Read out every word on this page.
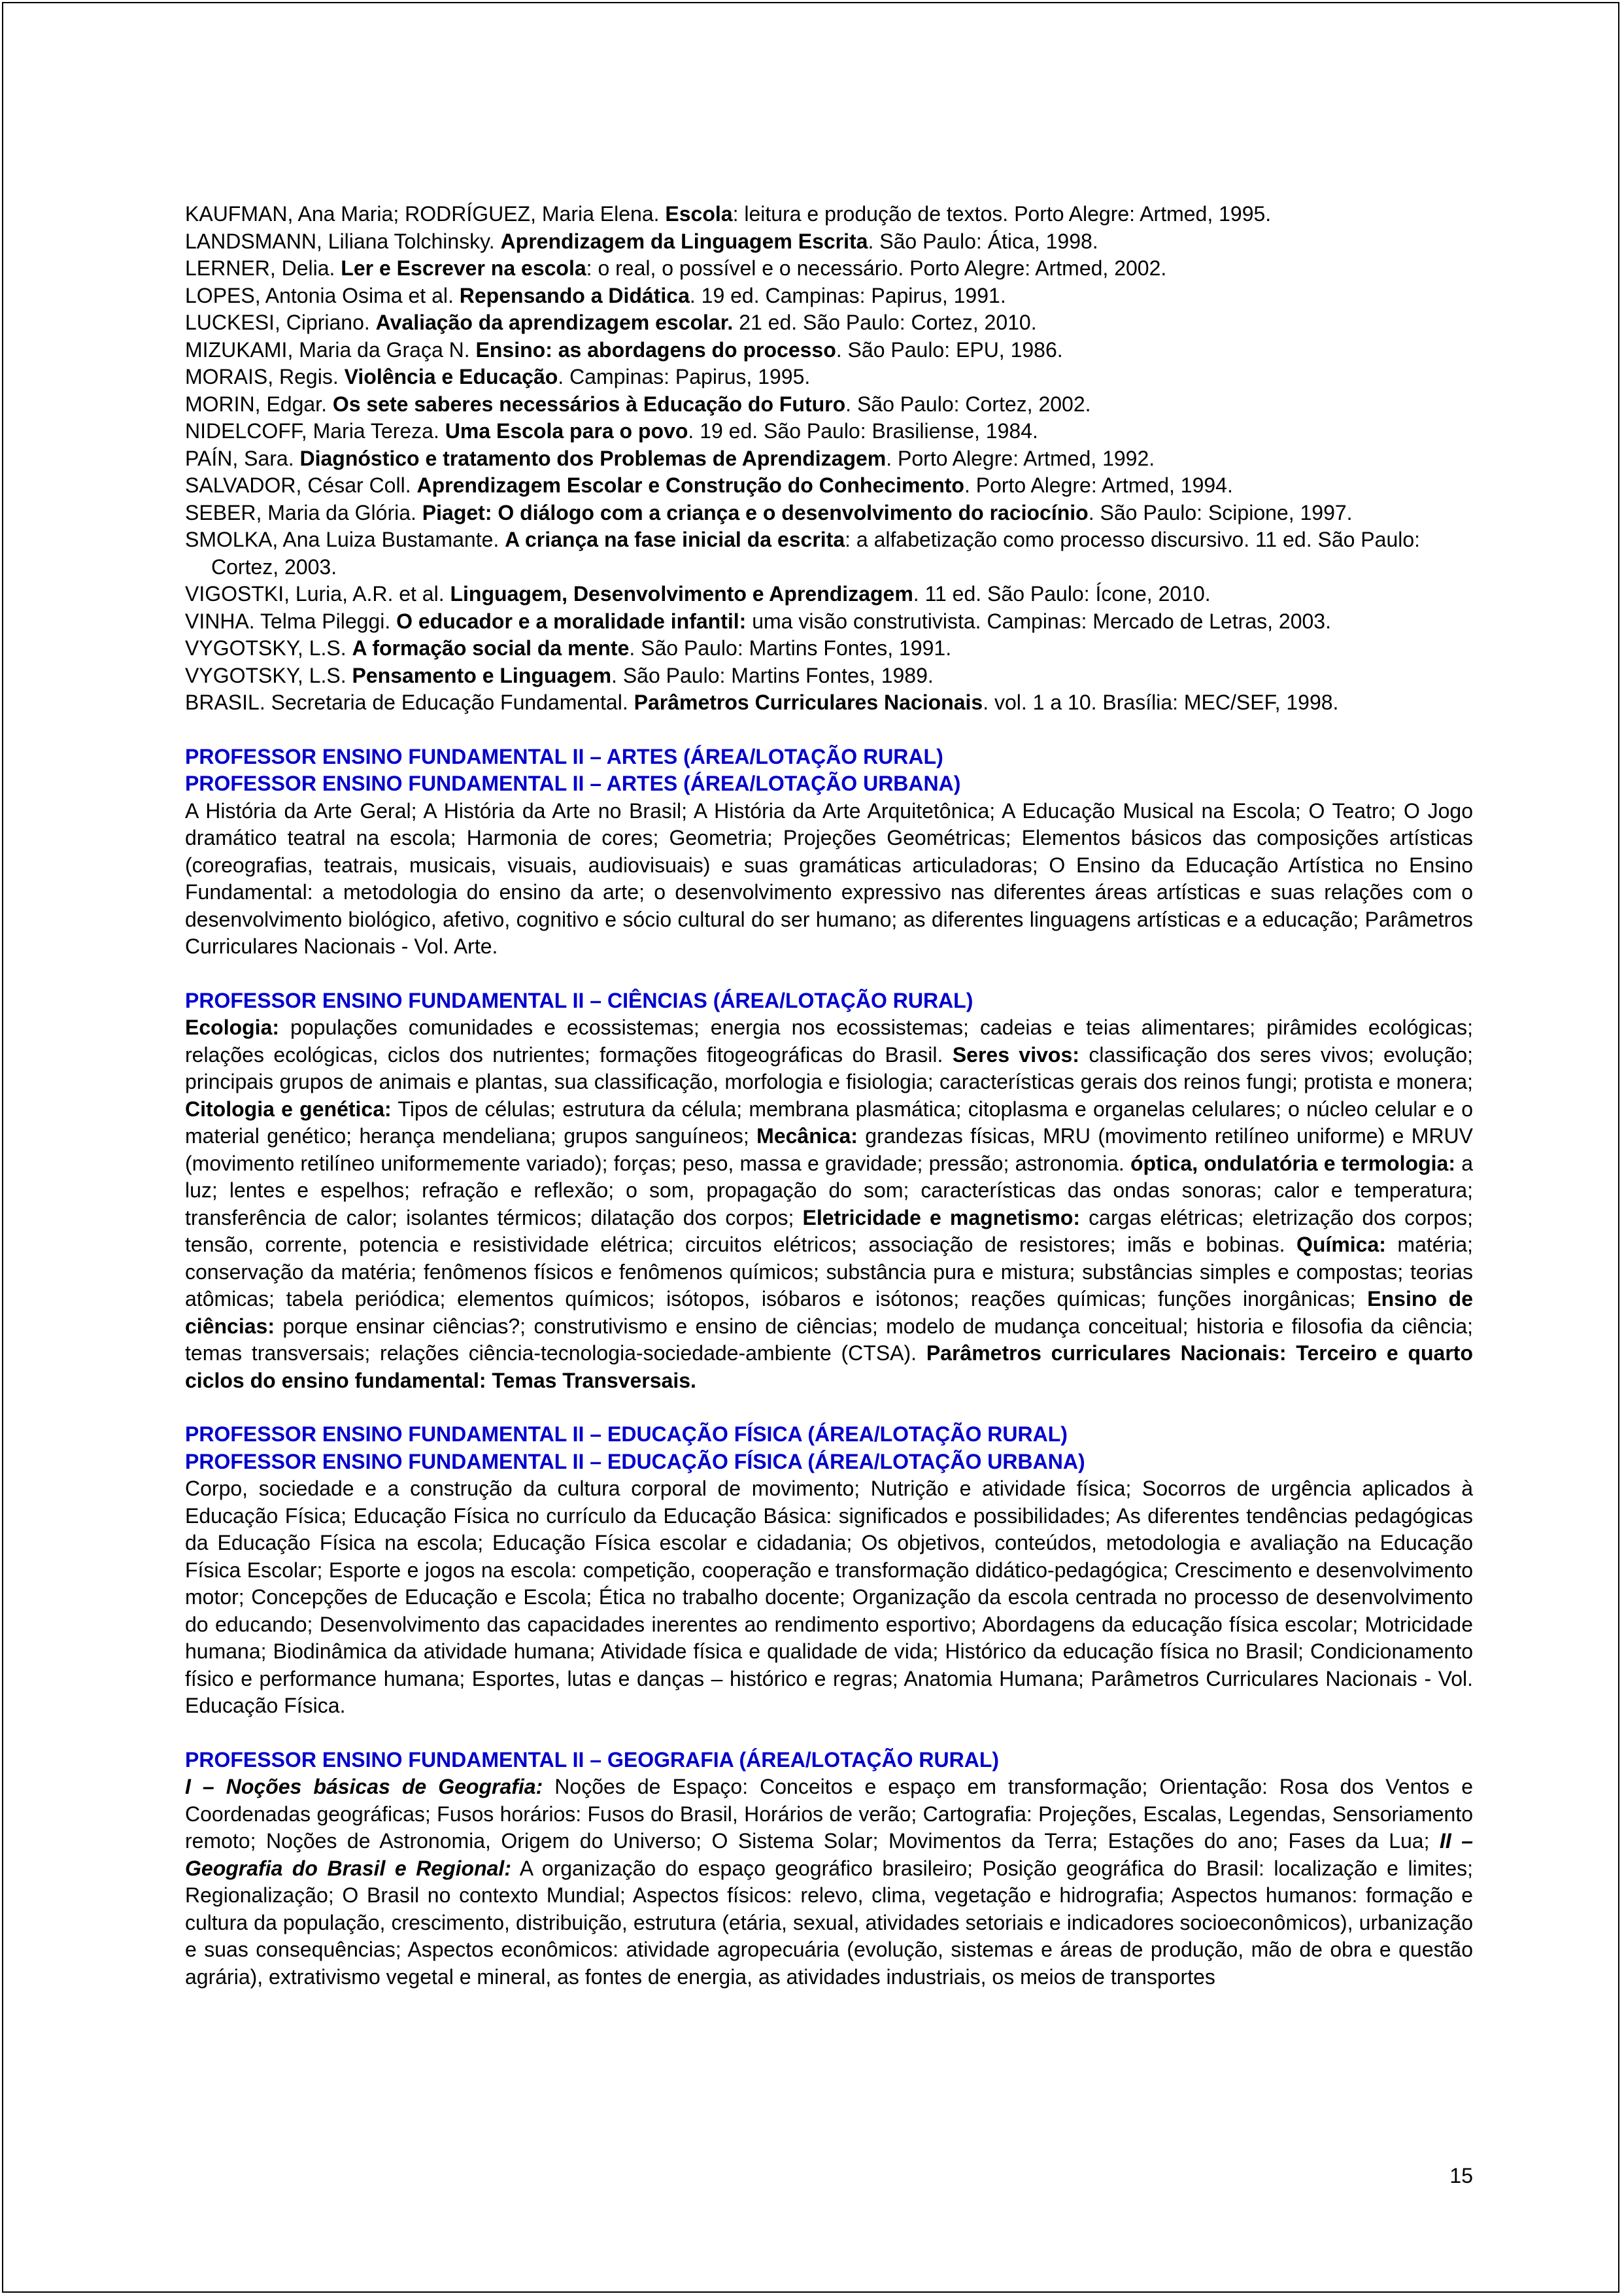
KAUFMAN, Ana Maria; RODRÍGUEZ, Maria Elena. Escola: leitura e produção de textos. Porto Alegre: Artmed, 1995.

LANDSMANN, Liliana Tolchinsky. Aprendizagem da Linguagem Escrita. São Paulo: Ática, 1998.

LERNER, Delia. Ler e Escrever na escola: o real, o possível e o necessário. Porto Alegre: Artmed, 2002.

LOPES, Antonia Osima et al. Repensando a Didática. 19 ed. Campinas: Papirus, 1991.

LUCKESI, Cipriano. Avaliação da aprendizagem escolar. 21 ed. São Paulo: Cortez, 2010.

MIZUKAMI, Maria da Graça N. Ensino: as abordagens do processo. São Paulo: EPU, 1986.

MORAIS, Regis. Violência e Educação. Campinas: Papirus, 1995.

MORIN, Edgar. Os sete saberes necessários à Educação do Futuro. São Paulo: Cortez, 2002.

NIDELCOFF, Maria Tereza. Uma Escola para o povo. 19 ed. São Paulo: Brasiliense, 1984.

PAÍN, Sara. Diagnóstico e tratamento dos Problemas de Aprendizagem. Porto Alegre: Artmed, 1992.

SALVADOR, César Coll. Aprendizagem Escolar e Construção do Conhecimento. Porto Alegre: Artmed, 1994.

SEBER, Maria da Glória. Piaget: O diálogo com a criança e o desenvolvimento do raciocínio. São Paulo: Scipione, 1997.

SMOLKA, Ana Luiza Bustamante. A criança na fase inicial da escrita: a alfabetização como processo discursivo. 11 ed. São Paulo: Cortez, 2003.

VIGOSTKI, Luria, A.R. et al. Linguagem, Desenvolvimento e Aprendizagem. 11 ed. São Paulo: Ícone, 2010.

VINHA. Telma Pileggi. O educador e a moralidade infantil: uma visão construtivista. Campinas: Mercado de Letras, 2003.

VYGOTSKY, L.S. A formação social da mente. São Paulo: Martins Fontes, 1991.

VYGOTSKY, L.S. Pensamento e Linguagem. São Paulo: Martins Fontes, 1989.

BRASIL. Secretaria de Educação Fundamental. Parâmetros Curriculares Nacionais. vol. 1 a 10. Brasília: MEC/SEF, 1998.

PROFESSOR ENSINO FUNDAMENTAL II – ARTES (ÁREA/LOTAÇÃO RURAL)

PROFESSOR ENSINO FUNDAMENTAL II – ARTES (ÁREA/LOTAÇÃO URBANA)

A História da Arte Geral; A História da Arte no Brasil; A História da Arte Arquitetônica; A Educação Musical na Escola; O Teatro; O Jogo dramático teatral na escola; Harmonia de cores; Geometria; Projeções Geométricas; Elementos básicos das composições artísticas (coreografias, teatrais, musicais, visuais, audiovisuais) e suas gramáticas articuladoras; O Ensino da Educação Artística no Ensino Fundamental: a metodologia do ensino da arte; o desenvolvimento expressivo nas diferentes áreas artísticas e suas relações com o desenvolvimento biológico, afetivo, cognitivo e sócio cultural do ser humano; as diferentes linguagens artísticas e a educação; Parâmetros Curriculares Nacionais - Vol. Arte.

PROFESSOR ENSINO FUNDAMENTAL II – CIÊNCIAS (ÁREA/LOTAÇÃO RURAL)

Ecologia: populações comunidades e ecossistemas; energia nos ecossistemas; cadeias e teias alimentares; pirâmides ecológicas; relações ecológicas, ciclos dos nutrientes; formações fitogeográficas do Brasil. Seres vivos: classificação dos seres vivos; evolução; principais grupos de animais e plantas, sua classificação, morfologia e fisiologia; características gerais dos reinos fungi; protista e monera; Citologia e genética: Tipos de células; estrutura da célula; membrana plasmática; citoplasma e organelas celulares; o núcleo celular e o material genético; herança mendeliana; grupos sanguíneos; Mecânica: grandezas físicas, MRU (movimento retilíneo uniforme) e MRUV (movimento retilíneo uniformemente variado); forças; peso, massa e gravidade; pressão; astronomia. óptica, ondulatória e termologia: a luz; lentes e espelhos; refração e reflexão; o som, propagação do som; características das ondas sonoras; calor e temperatura; transferência de calor; isolantes térmicos; dilatação dos corpos; Eletricidade e magnetismo: cargas elétricas; eletrização dos corpos; tensão, corrente, potencia e resistividade elétrica; circuitos elétricos; associação de resistores; imãs e bobinas. Química: matéria; conservação da matéria; fenômenos físicos e fenômenos químicos; substância pura e mistura; substâncias simples e compostas; teorias atômicas; tabela periódica; elementos químicos; isótopos, isóbaros e isótonos; reações químicas; funções inorgânicas; Ensino de ciências: porque ensinar ciências?; construtivismo e ensino de ciências; modelo de mudança conceitual; historia e filosofia da ciência; temas transversais; relações ciência-tecnologia-sociedade-ambiente (CTSA). Parâmetros curriculares Nacionais: Terceiro e quarto ciclos do ensino fundamental: Temas Transversais.

PROFESSOR ENSINO FUNDAMENTAL II – EDUCAÇÃO FÍSICA (ÁREA/LOTAÇÃO RURAL)

PROFESSOR ENSINO FUNDAMENTAL II – EDUCAÇÃO FÍSICA (ÁREA/LOTAÇÃO URBANA)

Corpo, sociedade e a construção da cultura corporal de movimento; Nutrição e atividade física; Socorros de urgência aplicados à Educação Física; Educação Física no currículo da Educação Básica: significados e possibilidades; As diferentes tendências pedagógicas da Educação Física na escola; Educação Física escolar e cidadania; Os objetivos, conteúdos, metodologia e avaliação na Educação Física Escolar; Esporte e jogos na escola: competição, cooperação e transformação didático-pedagógica; Crescimento e desenvolvimento motor; Concepções de Educação e Escola; Ética no trabalho docente; Organização da escola centrada no processo de desenvolvimento do educando; Desenvolvimento das capacidades inerentes ao rendimento esportivo; Abordagens da educação física escolar; Motricidade humana; Biodinâmica da atividade humana; Atividade física e qualidade de vida; Histórico da educação física no Brasil; Condicionamento físico e performance humana; Esportes, lutas e danças – histórico e regras; Anatomia Humana; Parâmetros Curriculares Nacionais - Vol. Educação Física.

PROFESSOR ENSINO FUNDAMENTAL II – GEOGRAFIA (ÁREA/LOTAÇÃO RURAL)

I – Noções básicas de Geografia: Noções de Espaço: Conceitos e espaço em transformação; Orientação: Rosa dos Ventos e Coordenadas geográficas; Fusos horários: Fusos do Brasil, Horários de verão; Cartografia: Projeções, Escalas, Legendas, Sensoriamento remoto; Noções de Astronomia, Origem do Universo; O Sistema Solar; Movimentos da Terra; Estações do ano; Fases da Lua; II – Geografia do Brasil e Regional: A organização do espaço geográfico brasileiro; Posição geográfica do Brasil: localização e limites; Regionalização; O Brasil no contexto Mundial; Aspectos físicos: relevo, clima, vegetação e hidrografia; Aspectos humanos: formação e cultura da população, crescimento, distribuição, estrutura (etária, sexual, atividades setoriais e indicadores socioeconômicos), urbanização e suas consequências; Aspectos econômicos: atividade agropecuária (evolução, sistemas e áreas de produção, mão de obra e questão agrária), extrativismo vegetal e mineral, as fontes de energia, as atividades industriais, os meios de transportes

15
